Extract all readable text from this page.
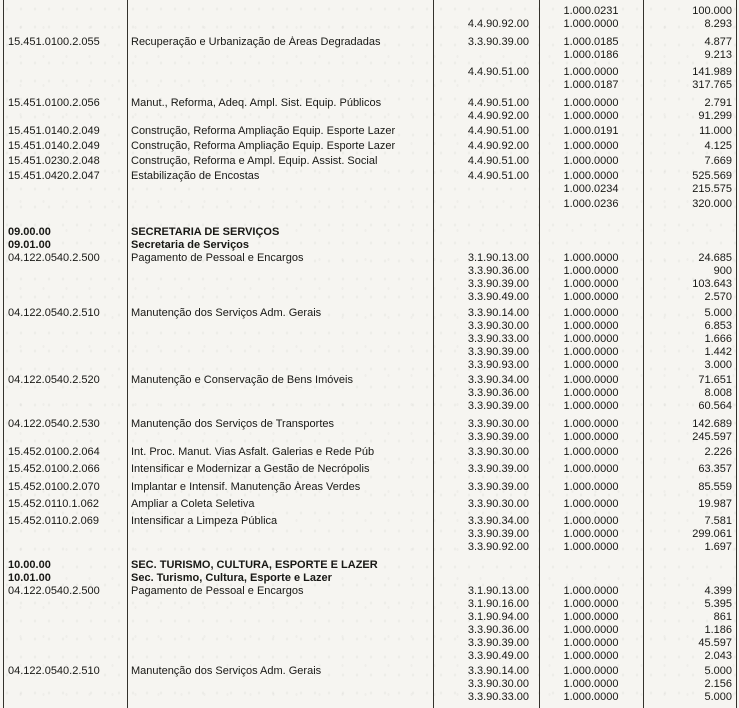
1.000.0231	100.000
4.4.90.92.00	1.000.0000	8.293
15.451.0100.2.055	Recuperação e Urbanização de Áreas Degradadas	3.3.90.39.00	1.000.0185	4.877
1.000.0186	9.213
4.4.90.51.00	1.000.0000	141.989
1.000.0187	317.765
15.451.0100.2.056	Manut., Reforma, Adeq. Ampl. Sist. Equip. Públicos	4.4.90.51.00	1.000.0000	2.791
4.4.90.92.00	1.000.0000	91.299
15.451.0140.2.049	Construção, Reforma Ampliação Equip. Esporte Lazer	4.4.90.51.00	1.000.0191	11.000
15.451.0140.2.049	Construção, Reforma Ampliação Equip. Esporte Lazer	4.4.90.92.00	1.000.0000	4.125
15.451.0230.2.048	Construção, Reforma e Ampl. Equip. Assist. Social	4.4.90.51.00	1.000.0000	7.669
15.451.0420.2.047	Estabilização de Encostas	4.4.90.51.00	1.000.0000	525.569
1.000.0234	215.575
1.000.0236	320.000
09.00.00	SECRETARIA DE SERVIÇOS
09.01.00	Secretaria de Serviços
04.122.0540.2.500	Pagamento de Pessoal e Encargos	3.1.90.13.00	1.000.0000	24.685
3.3.90.36.00	1.000.0000	900
3.3.90.39.00	1.000.0000	103.643
3.3.90.49.00	1.000.0000	2.570
04.122.0540.2.510	Manutenção dos Serviços Adm. Gerais	3.3.90.14.00	1.000.0000	5.000
3.3.90.30.00	1.000.0000	6.853
3.3.90.33.00	1.000.0000	1.666
3.3.90.39.00	1.000.0000	1.442
3.3.90.93.00	1.000.0000	3.000
04.122.0540.2.520	Manutenção e Conservação de Bens Imóveis	3.3.90.34.00	1.000.0000	71.651
3.3.90.36.00	1.000.0000	8.008
3.3.90.39.00	1.000.0000	60.564
04.122.0540.2.530	Manutenção dos Serviços de Transportes	3.3.90.30.00	1.000.0000	142.689
3.3.90.39.00	1.000.0000	245.597
15.452.0100.2.064	Int. Proc. Manut. Vias Asfalt. Galerias e Rede Púb	3.3.90.30.00	1.000.0000	2.226
15.452.0100.2.066	Intensificar e Modernizar a Gestão de Necrópolis	3.3.90.39.00	1.000.0000	63.357
15.452.0100.2.070	Implantar e Intensif. Manutenção Áreas Verdes	3.3.90.39.00	1.000.0000	85.559
15.452.0110.1.062	Ampliar a Coleta Seletiva	3.3.90.30.00	1.000.0000	19.987
15.452.0110.2.069	Intensificar a Limpeza Pública	3.3.90.34.00	1.000.0000	7.581
3.3.90.39.00	1.000.0000	299.061
3.3.90.92.00	1.000.0000	1.697
10.00.00	SEC. TURISMO, CULTURA, ESPORTE E LAZER
10.01.00	Sec. Turismo, Cultura, Esporte e Lazer
04.122.0540.2.500	Pagamento de Pessoal e Encargos	3.1.90.13.00	1.000.0000	4.399
3.1.90.16.00	1.000.0000	5.395
3.1.90.94.00	1.000.0000	861
3.3.90.36.00	1.000.0000	1.186
3.3.90.39.00	1.000.0000	45.597
3.3.90.49.00	1.000.0000	2.043
04.122.0540.2.510	Manutenção dos Serviços Adm. Gerais	3.3.90.14.00	1.000.0000	5.000
3.3.90.30.00	1.000.0000	2.156
3.3.90.33.00	1.000.0000	5.000
